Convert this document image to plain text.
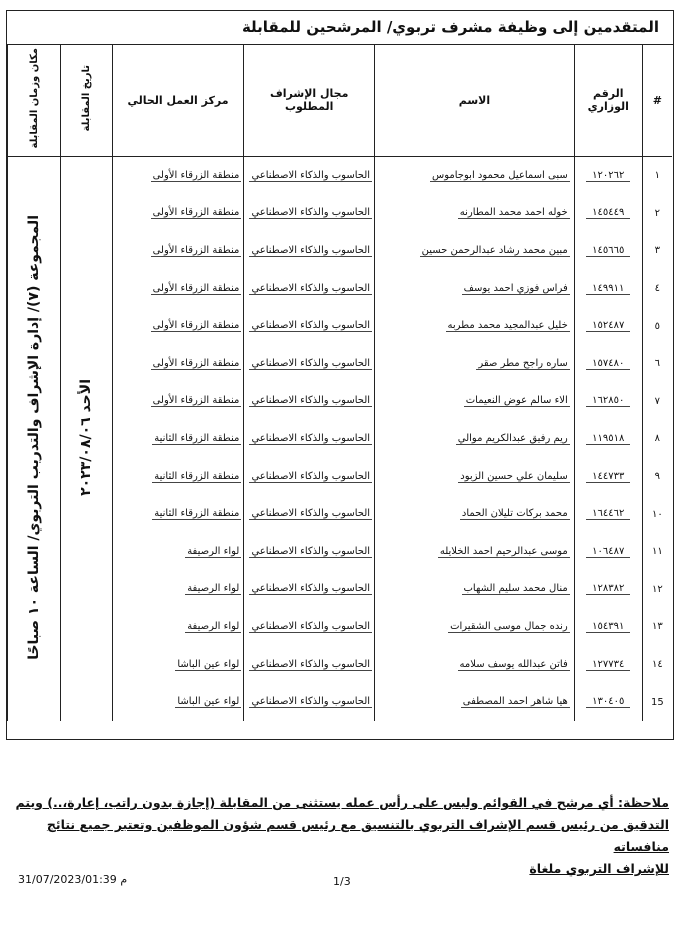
المتقدمين إلى وظيفة مشرف تربوي/ المرشحين للمقابلة
#	الرقم الوزاري	الاسم	مجال الإشراف المطلوب	مركز العمل الحالي	تاريخ المقابلة	مكان وزمان المقابلة
١	١٢٠٢٦٢	سبى اسماعيل محمود ابوجاموس	الحاسوب والذكاء الاصطناعي	منطقة الزرقاء الأولى	الأحد ٢٠٢٣/٠٨/٠٦	المجموعة (٧)/ إدارة الإشراف والتدريب التربوي/ الساعة ١٠ صباحًا
٢	١٤٥٤٤٩	خوله احمد محمد المطارنه	الحاسوب والذكاء الاصطناعي	منطقة الزرقاء الأولى		
٣	١٤٥٦٦٥	مبين محمد رشاد عبدالرحمن حسين	الحاسوب والذكاء الاصطناعي	منطقة الزرقاء الأولى		
٤	١٤٩٩١١	فراس فوزي احمد يوسف	الحاسوب والذكاء الاصطناعي	منطقة الزرقاء الأولى		
٥	١٥٢٤٨٧	خليل عبدالمجيد محمد مطربه	الحاسوب والذكاء الاصطناعي	منطقة الزرقاء الأولى		
٦	١٥٧٤٨٠	ساره راجح مطر صقر	الحاسوب والذكاء الاصطناعي	منطقة الزرقاء الأولى		
٧	١٦٢٨٥٠	الاء سالم عوض النعيمات	الحاسوب والذكاء الاصطناعي	منطقة الزرقاء الأولى		
٨	١١٩٥١٨	ريم رفيق عبدالكريم موالي	الحاسوب والذكاء الاصطناعي	منطقة الزرقاء الثانية		
٩	١٤٤٧٣٣	سليمان علي حسين الزبود	الحاسوب والذكاء الاصطناعي	منطقة الزرقاء الثانية		
١٠	١٦٤٤٦٢	محمد بركات تليلان الحماد	الحاسوب والذكاء الاصطناعي	منطقة الزرقاء الثانية		
١١	١٠٦٤٨٧	موسى عبدالرحيم احمد الخلايله	الحاسوب والذكاء الاصطناعي	لواء الرصيفة		
١٢	١٢٨٣٨٢	منال محمد سليم الشهاب	الحاسوب والذكاء الاصطناعي	لواء الرصيفة		
١٣	١٥٤٣٩١	رنده جمال موسى الشقيرات	الحاسوب والذكاء الاصطناعي	لواء الرصيفة		
١٤	١٢٧٧٣٤	فاتن عبدالله يوسف سلامه	الحاسوب والذكاء الاصطناعي	لواء عين الباشا		
15	١٣٠٤٠٥	هيا شاهر احمد المصطفى	الحاسوب والذكاء الاصطناعي	لواء عين الباشا		
ملاحظة: أي مرشح في القوائم وليس على رأس عمله يستثنى من المقابلة (إجازة بدون راتب، إعارة،..) ويتم
التدقيق من رئيس قسم الإشراف التربوي بالتنسيق مع رئيس قسم شؤون الموظفين وتعتبر جميع نتائج منافساته
للإشراف التربوي ملغاة
31/07/2023/01:39 م	1/3
